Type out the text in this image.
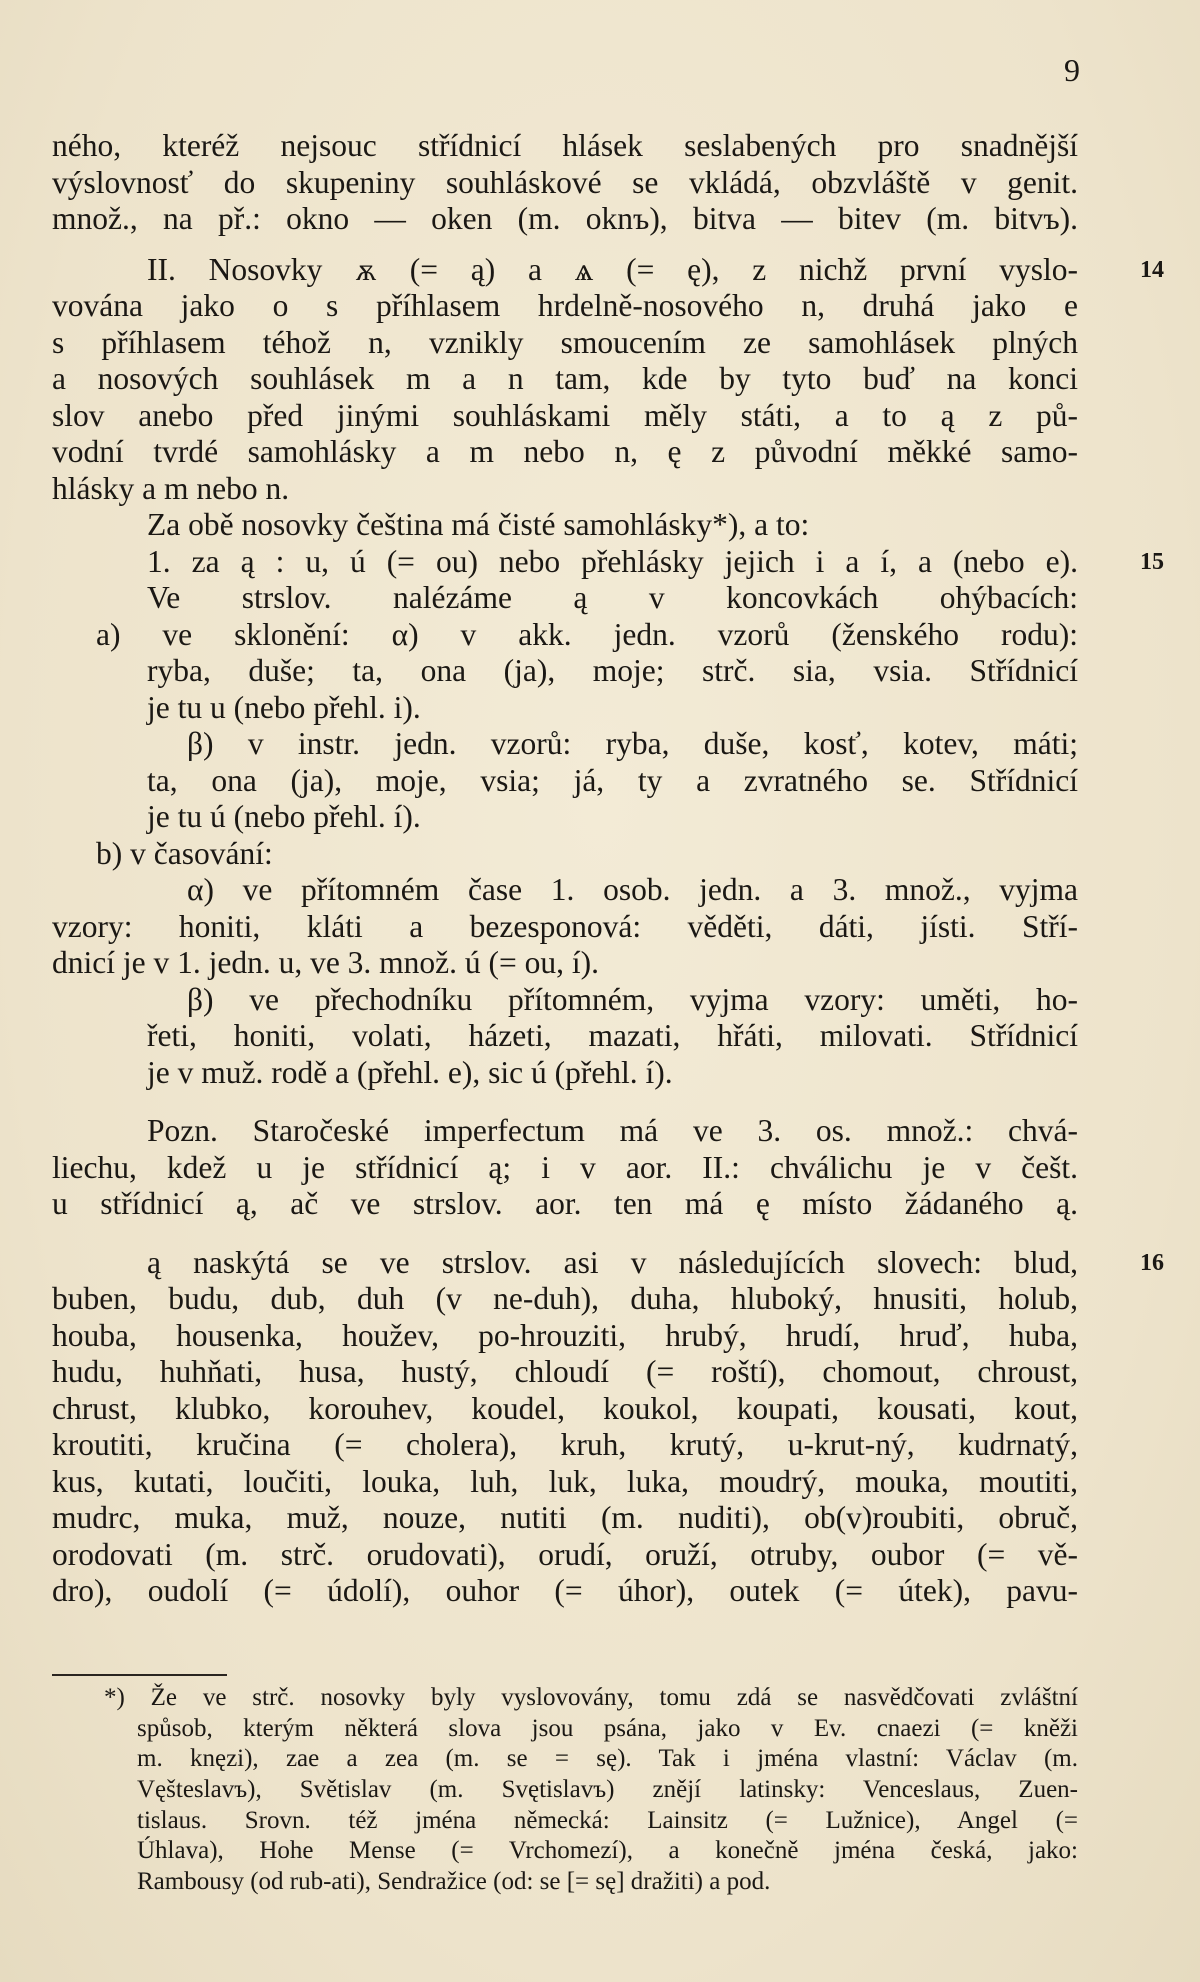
9
ného, kteréž nejsouc střídnicí hlásek seslabených pro snadnější
výslovnosť do skupeniny souhláskové se vkládá, obzvláště v genit.
množ., na př.: okno — oken (m. oknъ), bitva — bitev (m. bitvъ).
II. Nosovky ѫ (= ą) a ѧ (= ę), z nichž první vyslo-	14
vována jako o s příhlasem hrdelně-nosového n, druhá jako e
s příhlasem téhož n, vznikly smoucením ze samohlásek plných
a nosových souhlásek m a n tam, kde by tyto buď na konci
slov anebo před jinými souhláskami měly státi, a to ą z pů-
vodní tvrdé samohlásky a m nebo n, ę z původní měkké samo-
hlásky a m nebo n.
Za obě nosovky čeština má čisté samohlásky*), a to:
1. za ą : u, ú (= ou) nebo přehlásky jejich i a í, a (nebo e).	15
Ve strslov. nalézáme ą v koncovkách ohýbacích:
a) ve sklonění: α) v akk. jedn. vzorů (ženského rodu):
ryba, duše; ta, ona (ja), moje; strč. sia, vsia. Střídnicí
je tu u (nebo přehl. i).
β) v instr. jedn. vzorů: ryba, duše, kosť, kotev, máti;
ta, ona (ja), moje, vsia; já, ty a zvratného se. Střídnicí
je tu ú (nebo přehl. í).
b) v časování:
α) ve přítomném čase 1. osob. jedn. a 3. množ., vyjma
vzory: honiti, kláti a bezesponová: věděti, dáti, jísti. Stří-
dnicí je v 1. jedn. u, ve 3. množ. ú (= ou, í).
β) ve přechodníku přítomném, vyjma vzory: uměti, ho-
řeti, honiti, volati, házeti, mazati, hřáti, milovati. Střídnicí
je v muž. rodě a (přehl. e), sic ú (přehl. í).
Pozn. Staročeské imperfectum má ve 3. os. množ.: chvá-
liechu, kdež u je střídnicí ą; i v aor. II.: chválichu je v češt.
u střídnicí ą, ač ve strslov. aor. ten má ę místo žádaného ą.
ą naskýtá se ve strslov. asi v následujících slovech: blud,	16
buben, budu, dub, duh (v ne-duh), duha, hluboký, hnusiti, holub,
houba, housenka, houžev, po-hrouziti, hrubý, hrudí, hruď, huba,
hudu, huhňati, husa, hustý, chloudí (= roští), chomout, chroust,
chrust, klubko, korouhev, koudel, koukol, koupati, kousati, kout,
kroutiti, kručina (= cholera), kruh, krutý, u-krut-ný, kudrnatý,
kus, kutati, loučiti, louka, luh, luk, luka, moudrý, mouka, moutiti,
mudrc, muka, muž, nouze, nutiti (m. nuditi), ob(v)roubiti, obruč,
orodovati (m. strč. orudovati), orudí, oruží, otruby, oubor (= vě-
dro), oudolí (= údolí), ouhor (= úhor), outek (= útek), pavu-
*) Že ve strč. nosovky byly vyslovovány, tomu zdá se nasvědčovati zvláštní
spůsob, kterým některá slova jsou psána, jako v Ev. cnaezi (= kněži
m. knęzi), zae a zea (m. se = sę). Tak i jména vlastní: Václav (m.
Vęšteslavъ), Světislav (m. Svętislavъ) znějí latinsky: Venceslaus, Zuen-
tislaus. Srovn. též jména německá: Lainsitz (= Lužnice), Angel (=
Úhlava), Hohe Mense (= Vrchomezí), a konečně jména česká, jako:
Rambousy (od rub-ati), Sendražice (od: se [= sę] dražiti) a pod.
